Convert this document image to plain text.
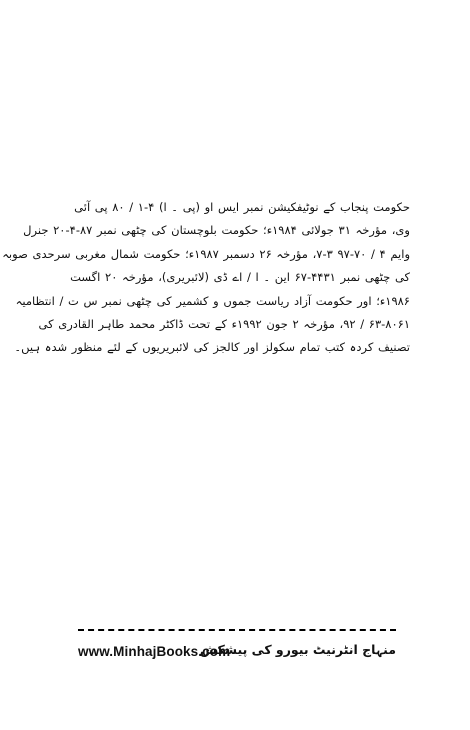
حکومت پنجاب کے نوٹیفکیشن نمبر ایس او (پی ۔ ا) ۴-۱ / ۸۰ پی آئی
وی، مؤرخہ ۳۱ جولائی ۱۹۸۴ء؛ حکومت بلوچستان کی چٹھی نمبر ۸۷-۴-۲۰ جنرل
وایم ۴ / ۷۰-۹۷ ۳-۷، مؤرخہ ۲۶ دسمبر ۱۹۸۷ء؛ حکومت شمال مغربی سرحدی صوبہ
کی چٹھی نمبر ۴۴۳۱-۶۷ این ۔ ا / اے ڈی (لائبریری)، مؤرخہ ۲۰ اگست
۱۹۸۶ء؛ اور حکومت آزاد ریاست جموں و کشمیر کی چٹھی نمبر س ت / انتظامیہ
۶۳-۸۰۶۱ / ۹۲، مؤرخہ ۲ جون ۱۹۹۲ء کے تحت ڈاکٹر محمد طاہر القادری کی
تصنیف کردہ کتب تمام سکولز اور کالجز کی لائبریریوں کے لئے منظور شدہ ہیں۔
www.MinhajBooks.com
منہاج انٹرنیٹ بیورو کی پیشکش
